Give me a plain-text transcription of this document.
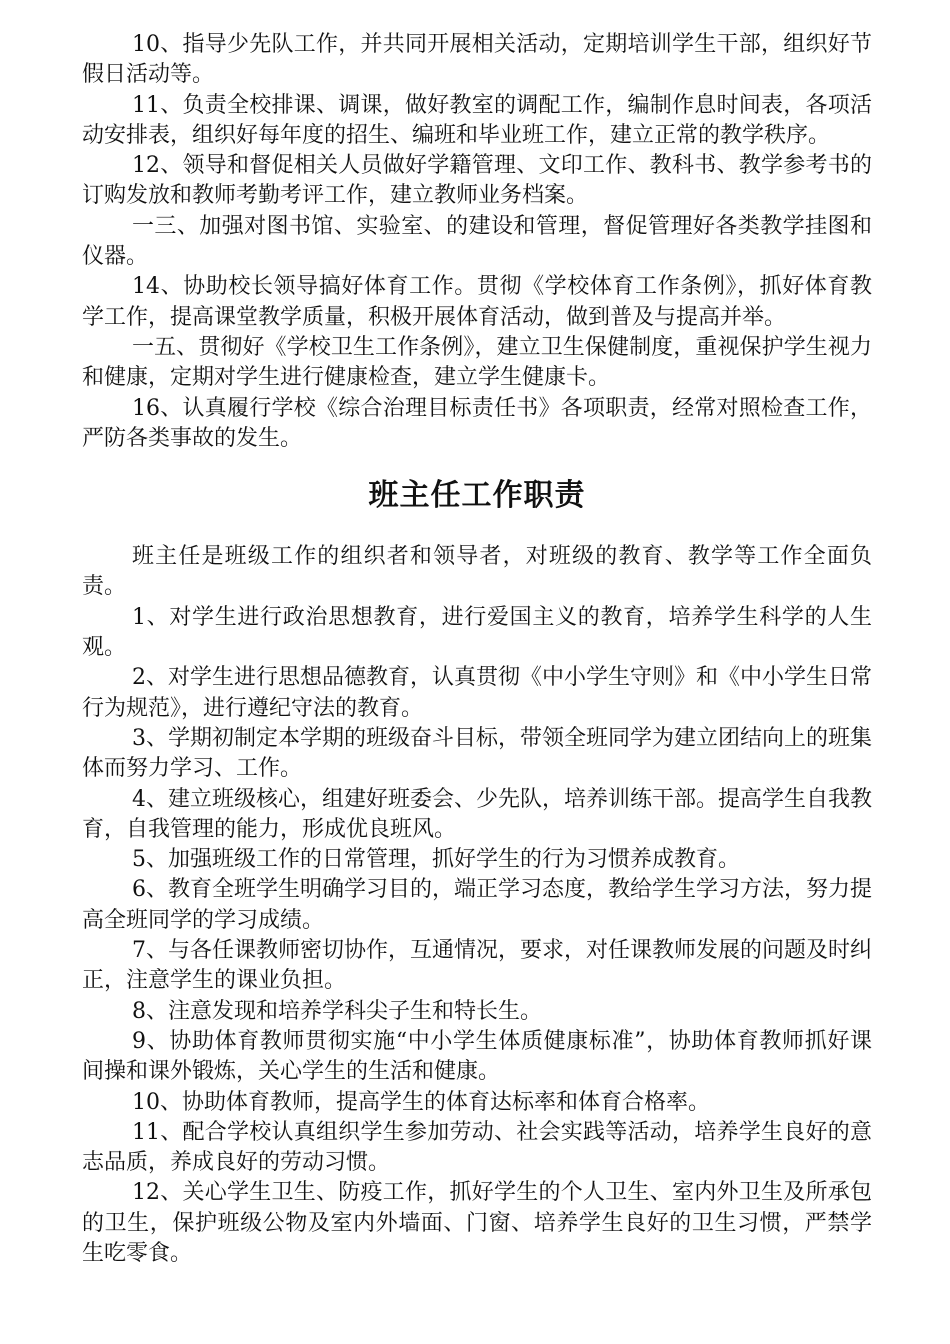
10、指导少先队工作，并共同开展相关活动，定期培训学生干部，组织好节假日活动等。

11、负责全校排课、调课，做好教室的调配工作，编制作息时间表，各项活动安排表，组织好每年度的招生、编班和毕业班工作，建立正常的教学秩序。

12、领导和督促相关人员做好学籍管理、文印工作、教科书、教学参考书的订购发放和教师考勤考评工作，建立教师业务档案。

一三、加强对图书馆、实验室、的建设和管理，督促管理好各类教学挂图和仪器。

14、协助校长领导搞好体育工作。贯彻《学校体育工作条例》，抓好体育教学工作，提高课堂教学质量，积极开展体育活动，做到普及与提高并举。

一五、贯彻好《学校卫生工作条例》，建立卫生保健制度，重视保护学生视力和健康，定期对学生进行健康检查，建立学生健康卡。

16、认真履行学校《综合治理目标责任书》各项职责，经常对照检查工作，严防各类事故的发生。

班主任工作职责

班主任是班级工作的组织者和领导者，对班级的教育、教学等工作全面负责。

1、对学生进行政治思想教育，进行爱国主义的教育，培养学生科学的人生观。

2、对学生进行思想品德教育，认真贯彻《中小学生守则》和《中小学生日常行为规范》，进行遵纪守法的教育。

3、学期初制定本学期的班级奋斗目标，带领全班同学为建立团结向上的班集体而努力学习、工作。

4、建立班级核心，组建好班委会、少先队，培养训练干部。提高学生自我教育，自我管理的能力，形成优良班风。

5、加强班级工作的日常管理，抓好学生的行为习惯养成教育。

6、教育全班学生明确学习目的，端正学习态度，教给学生学习方法，努力提高全班同学的学习成绩。

7、与各任课教师密切协作，互通情况，要求，对任课教师发展的问题及时纠正，注意学生的课业负担。

8、注意发现和培养学科尖子生和特长生。

9、协助体育教师贯彻实施“中小学生体质健康标准”，协助体育教师抓好课间操和课外锻炼，关心学生的生活和健康。

10、协助体育教师，提高学生的体育达标率和体育合格率。

11、配合学校认真组织学生参加劳动、社会实践等活动，培养学生良好的意志品质，养成良好的劳动习惯。

12、关心学生卫生、防疫工作，抓好学生的个人卫生、室内外卫生及所承包的卫生，保护班级公物及室内外墙面、门窗、培养学生良好的卫生习惯，严禁学生吃零食。
